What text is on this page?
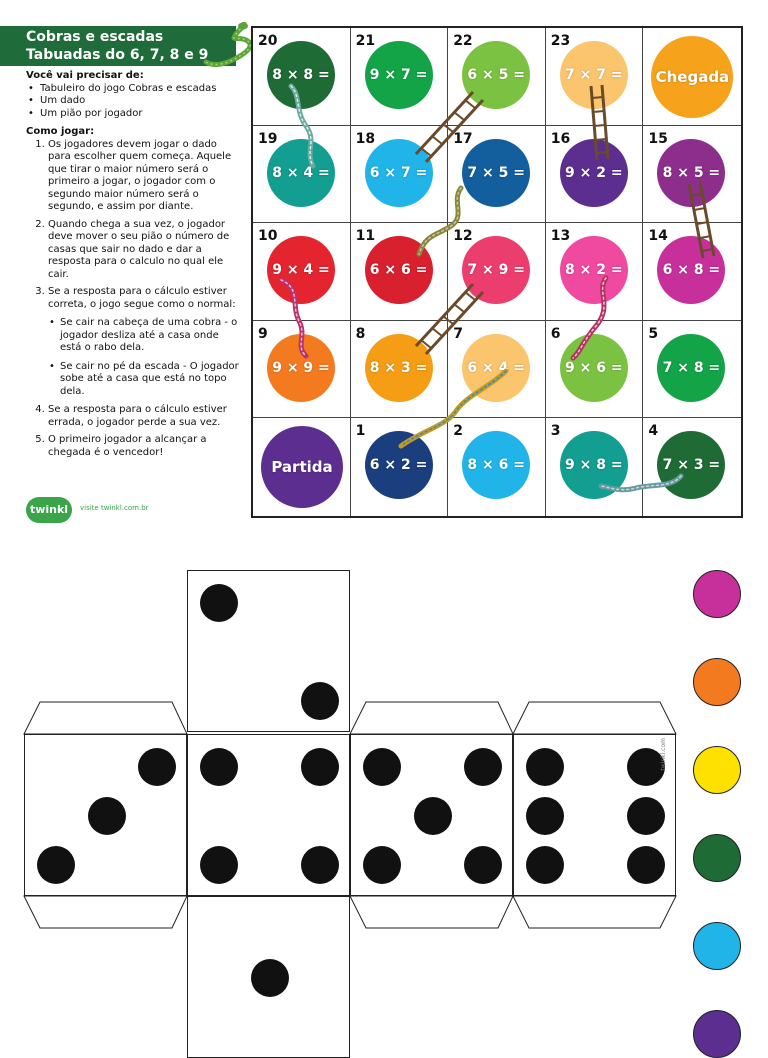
Cobras e escadas
Tabuadas do 6, 7, 8 e 9

Você vai precisar de:

• Tabuleiro do jogo Cobras e escadas
• Um dado
• Um pião por jogador

Como jogar:

1. Os jogadores devem jogar o dado para escolher quem começa. Aquele que tirar o maior número será o primeiro a jogar, o jogador com o segundo maior número será o segundo, e assim por diante.
2. Quando chega a sua vez, o jogador deve mover o seu pião o número de casas que sair no dado e dar a resposta para o calculo no qual ele cair.
3. Se a resposta para o cálculo estiver correta, o jogo segue como o normal:
• Se cair na cabeça de uma cobra - o jogador desliza até a casa onde está o rabo dela.
• Se cair no pé da escada - O jogador sobe até a casa que está no topo dela.
4. Se a resposta para o cálculo estiver errada, o jogador perde a sua vez.
5. O primeiro jogador a alcançar a chegada é o vencedor!
twinkl	visite twinkl.com.br
20
8 × 8 =
21
9 × 7 =
22
6 × 5 =
23
7 × 7 =	Chegada
19
8 × 4 =
18
6 × 7 =
17
7 × 5 =
16
9 × 2 =
15
8 × 5 =
10
9 × 4 =
11
6 × 6 =
12
7 × 9 =
13
8 × 2 =
14
6 × 8 =
9
9 × 9 =
8
8 × 3 =
7
6 × 4 =
6
9 × 6 =
5
7 × 8 =
Partida
1
6 × 2 =
2
8 × 6 =
3
9 × 8 =
4
7 × 3 =
twinkl.com
